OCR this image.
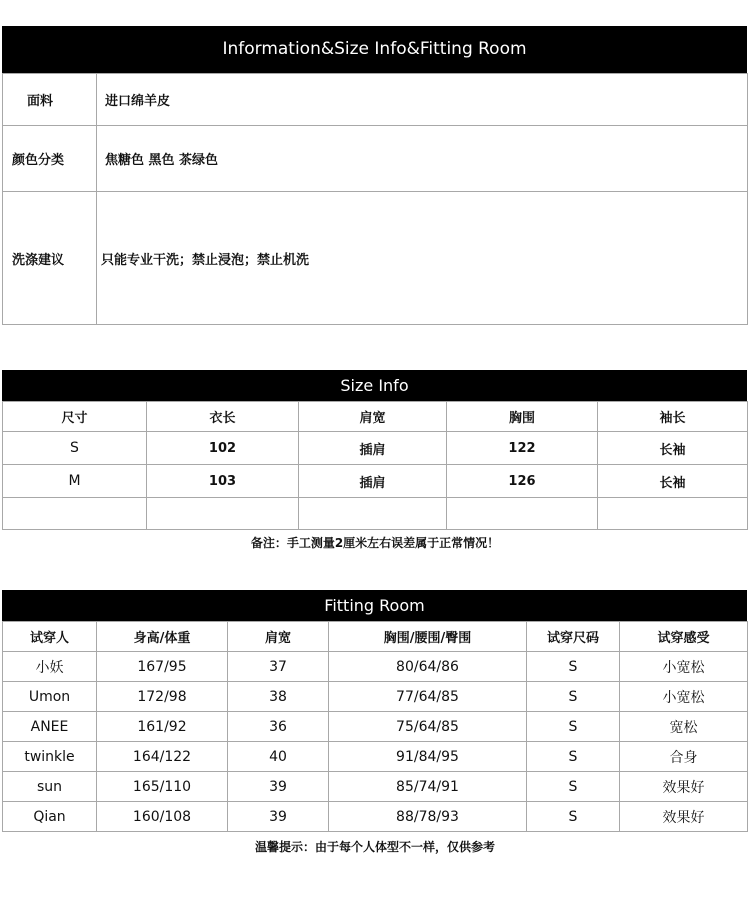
Information&Size Info&Fitting Room
面料	进口绵羊皮
颜色分类	焦糖色 黑色 茶绿色
洗涤建议	只能专业干洗；禁止浸泡；禁止机洗
Size Info
尺寸	衣长	肩宽	胸围	袖长
S	102	插肩	122	长袖
M	103	插肩	126	长袖

备注：手工测量2厘米左右误差属于正常情况！
Fitting Room
试穿人	身高/体重	肩宽	胸围/腰围/臀围	试穿尺码	试穿感受
小妖	167/95	37	80/64/86	S	小宽松
Umon	172/98	38	77/64/85	S	小宽松
ANEE	161/92	36	75/64/85	S	宽松
twinkle	164/122	40	91/84/95	S	合身
sun	165/110	39	85/74/91	S	效果好
Qian	160/108	39	88/78/93	S	效果好
温馨提示：由于每个人体型不一样，仅供参考
